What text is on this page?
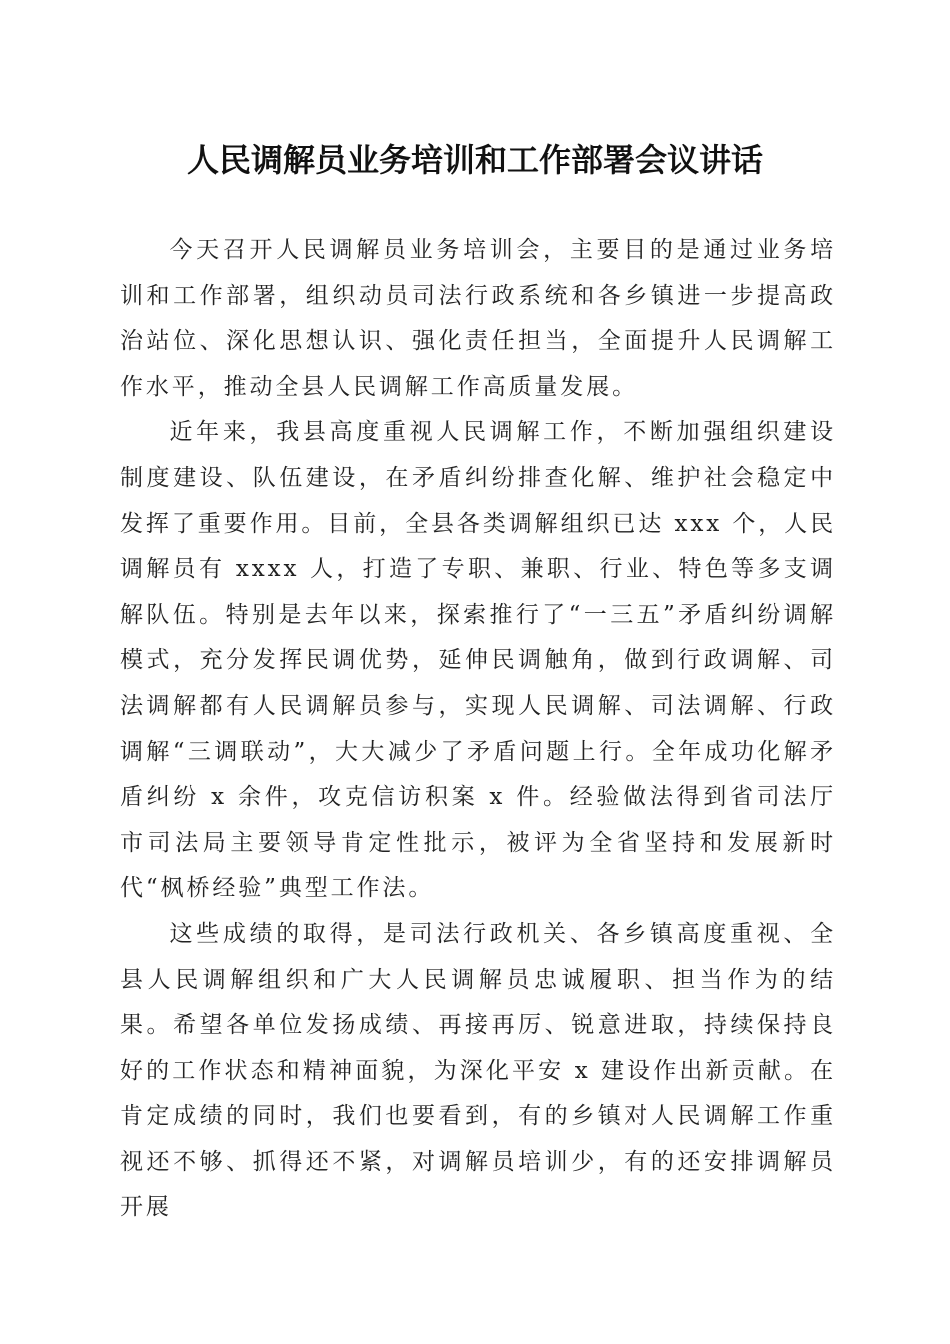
人民调解员业务培训和工作部署会议讲话

今天召开人民调解员业务培训会，主要目的是通过业务培训和工作部署，组织动员司法行政系统和各乡镇进一步提高政治站位、深化思想认识、强化责任担当，全面提升人民调解工作水平，推动全县人民调解工作高质量发展。

近年来，我县高度重视人民调解工作，不断加强组织建设制度建设、队伍建设，在矛盾纠纷排查化解、维护社会稳定中发挥了重要作用。目前，全县各类调解组织已达 xxx 个，人民调解员有 xxxx 人，打造了专职、兼职、行业、特色等多支调解队伍。特别是去年以来，探索推行了“一三五”矛盾纠纷调解模式，充分发挥民调优势，延伸民调触角，做到行政调解、司法调解都有人民调解员参与，实现人民调解、司法调解、行政调解“三调联动”，大大减少了矛盾问题上行。全年成功化解矛盾纠纷 x 余件，攻克信访积案 x 件。经验做法得到省司法厅市司法局主要领导肯定性批示，被评为全省坚持和发展新时代“枫桥经验”典型工作法。

这些成绩的取得，是司法行政机关、各乡镇高度重视、全县人民调解组织和广大人民调解员忠诚履职、担当作为的结果。希望各单位发扬成绩、再接再厉、锐意进取，持续保持良好的工作状态和精神面貌，为深化平安 x 建设作出新贡献。在肯定成绩的同时，我们也要看到，有的乡镇对人民调解工作重视还不够、抓得还不紧，对调解员培训少，有的还安排调解员开展
